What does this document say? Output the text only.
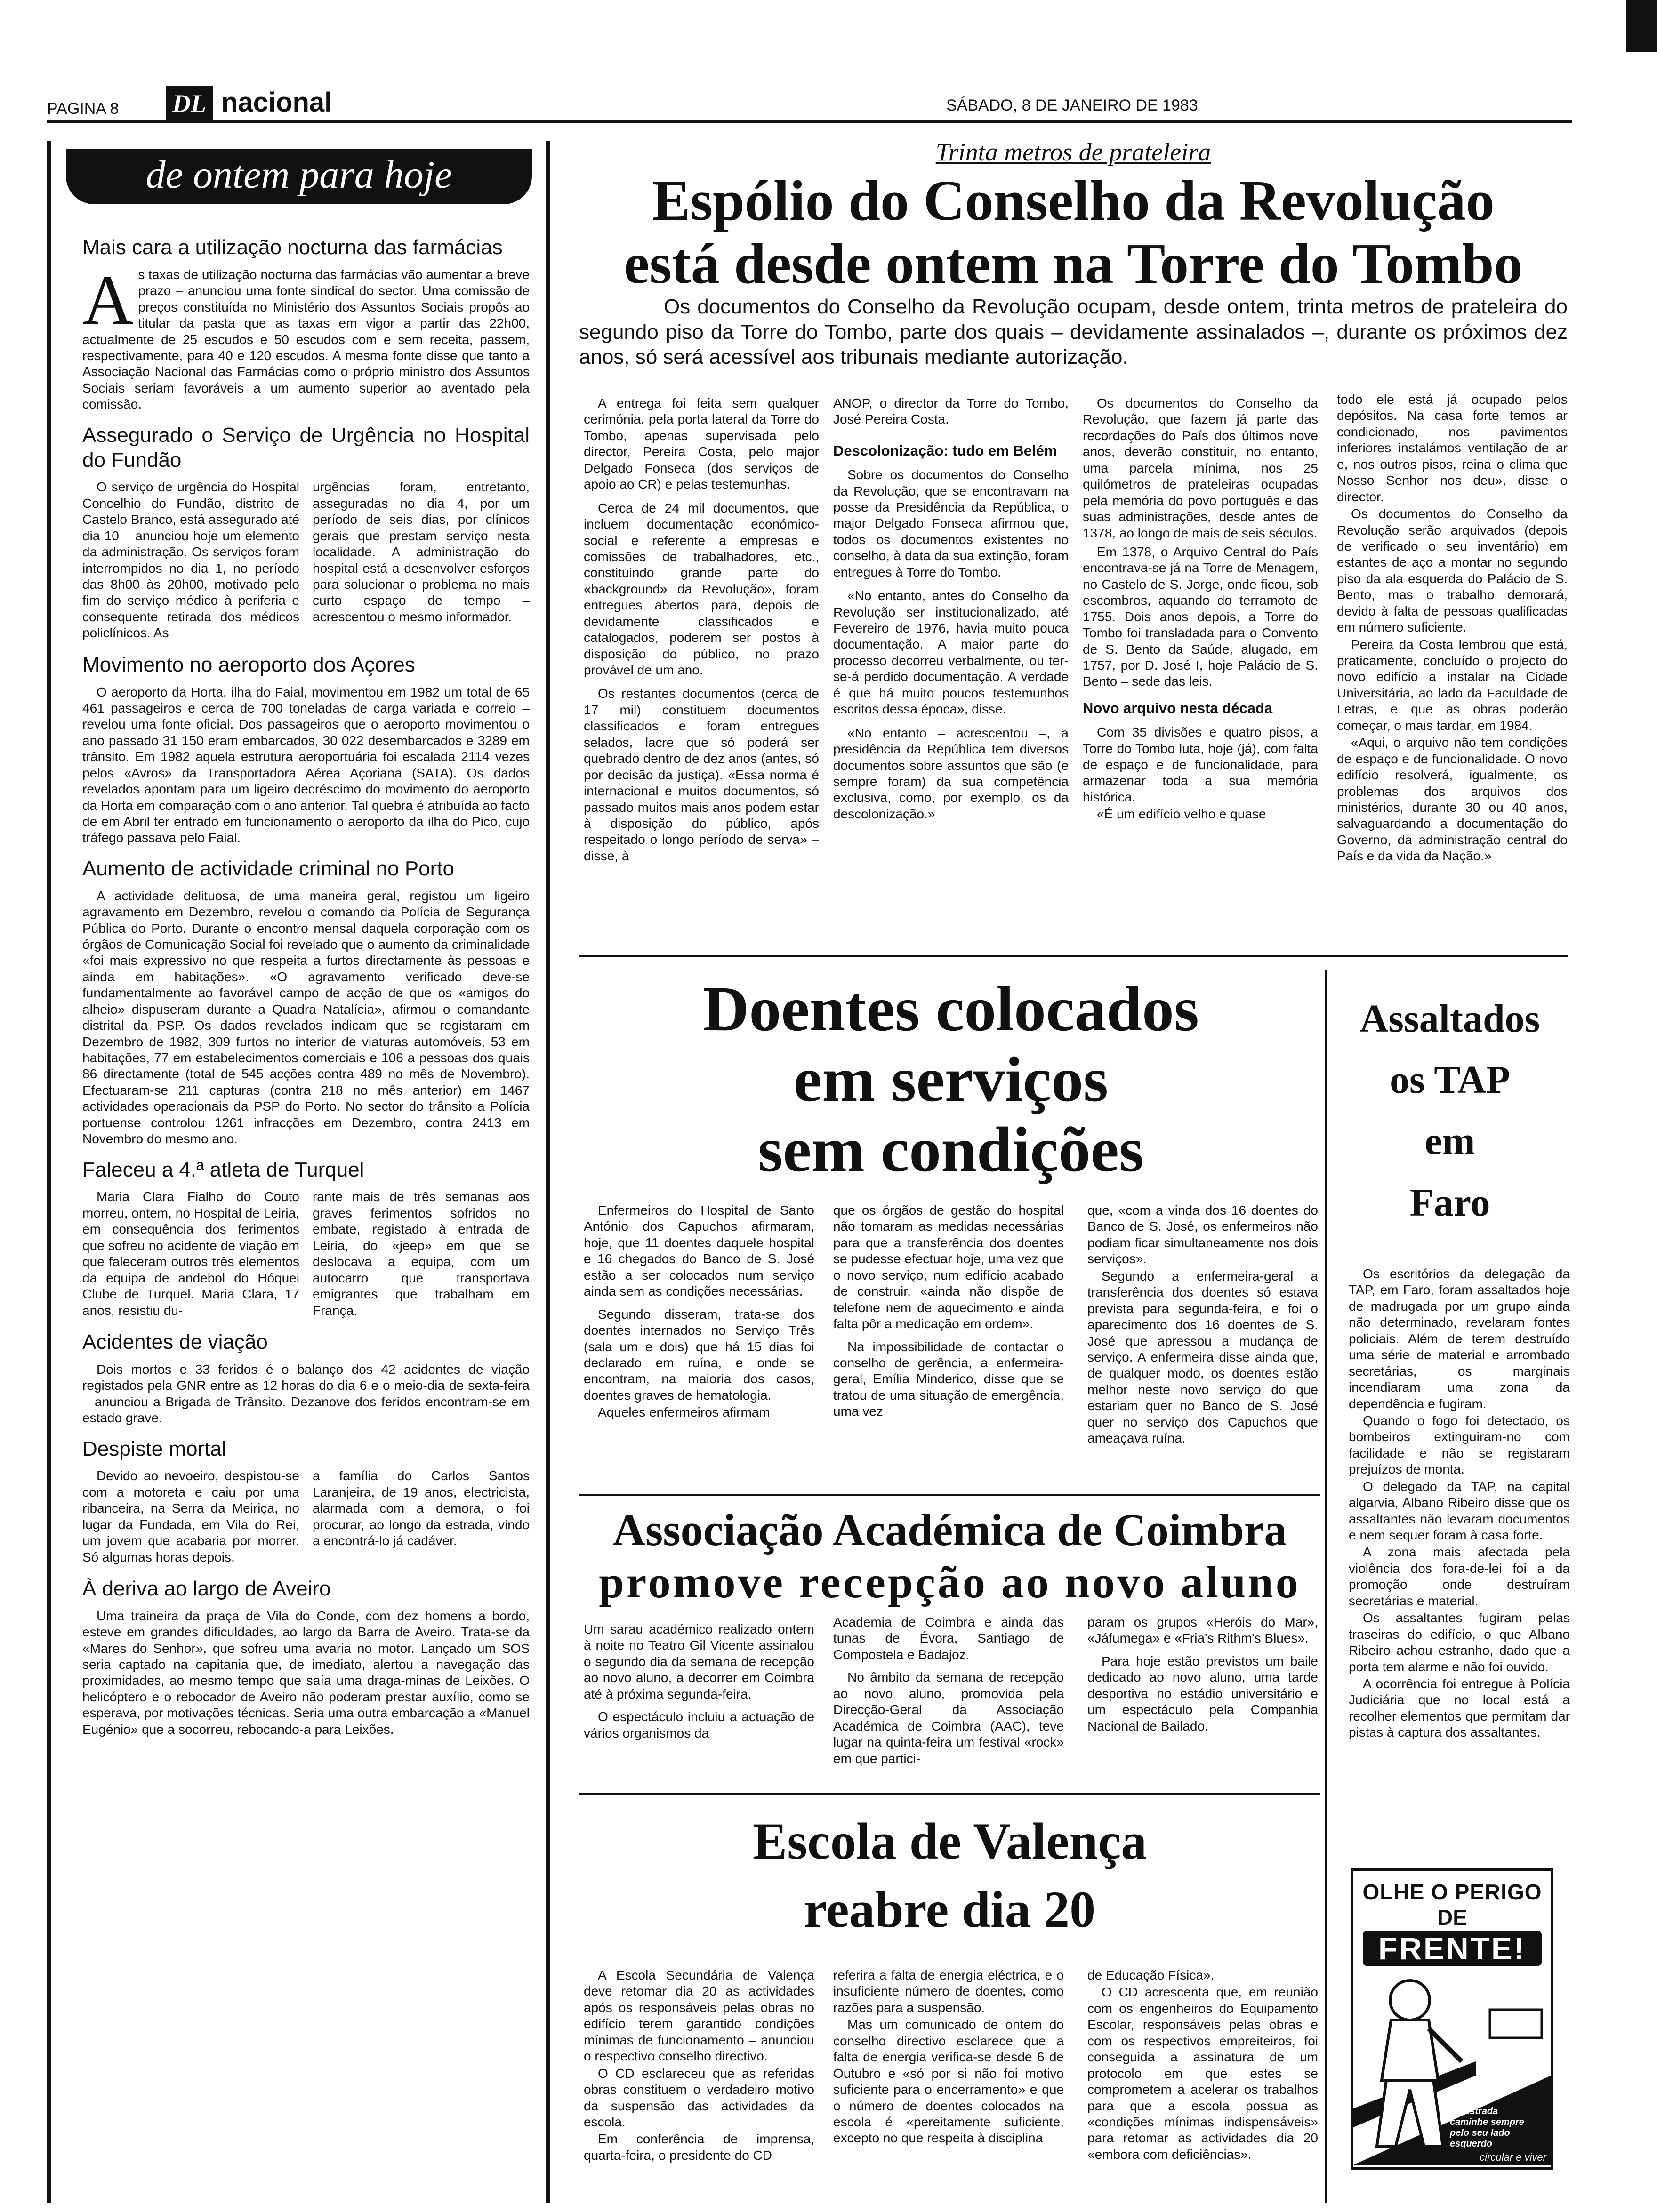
PAGINA 8 DL nacional	SÁBADO, 8 DE JANEIRO DE 1983
de ontem para hoje
Mais cara a utilização nocturna das farmácias
As taxas de utilização nocturna das farmácias vão aumentar a breve prazo – anunciou uma fonte sindical do sector. Uma comissão de preços constituída no Ministério dos Assuntos Sociais propôs ao titular da pasta que as taxas em vigor a partir das 22h00, actualmente de 25 escudos e 50 escudos com e sem receita, passem, respectivamente, para 40 e 120 escudos. A mesma fonte disse que tanto a Associação Nacional das Farmácias como o próprio ministro dos Assuntos Sociais seriam favoráveis a um aumento superior ao aventado pela comissão.
Assegurado o Serviço de Urgência no Hospital do Fundão

O serviço de urgência do Hospital Concelhio do Fundão, distrito de Castelo Branco, está assegurado até dia 10 – anunciou hoje um elemento da administração. Os serviços foram interrompidos no dia 1, no período das 8h00 às 20h00, motivado pelo fim do serviço médico à periferia e consequente retirada dos médicos policlínicos. As

urgências foram, entretanto, asseguradas no dia 4, por um período de seis dias, por clínicos gerais que prestam serviço nesta localidade. A administração do hospital está a desenvolver esforços para solucionar o problema no mais curto espaço de tempo – acrescentou o mesmo informador.

Movimento no aeroporto dos Açores

O aeroporto da Horta, ilha do Faial, movimentou em 1982 um total de 65 461 passageiros e cerca de 700 toneladas de carga variada e correio – revelou uma fonte oficial. Dos passageiros que o aeroporto movimentou o ano passado 31 150 eram embarcados, 30 022 desembarcados e 3289 em trânsito. Em 1982 aquela estrutura aeroportuária foi escalada 2114 vezes pelos «Avros» da Transportadora Aérea Açoriana (SATA). Os dados revelados apontam para um ligeiro decréscimo do movimento do aeroporto da Horta em comparação com o ano anterior. Tal quebra é atribuída ao facto de em Abril ter entrado em funcionamento o aeroporto da ilha do Pico, cujo tráfego passava pelo Faial.

Aumento de actividade criminal no Porto

A actividade delituosa, de uma maneira geral, registou um ligeiro agravamento em Dezembro, revelou o comando da Polícia de Segurança Pública do Porto. Durante o encontro mensal daquela corporação com os órgãos de Comunicação Social foi revelado que o aumento da criminalidade «foi mais expressivo no que respeita a furtos directamente às pessoas e ainda em habitações». «O agravamento verificado deve-se fundamentalmente ao favorável campo de acção de que os «amigos do alheio» dispuseram durante a Quadra Natalícia», afirmou o comandante distrital da PSP. Os dados revelados indicam que se registaram em Dezembro de 1982, 309 furtos no interior de viaturas automóveis, 53 em habitações, 77 em estabelecimentos comerciais e 106 a pessoas dos quais 86 directamente (total de 545 acções contra 489 no mês de Novembro). Efectuaram-se 211 capturas (contra 218 no mês anterior) em 1467 actividades operacionais da PSP do Porto. No sector do trânsito a Polícia portuense controlou 1261 infracções em Dezembro, contra 2413 em Novembro do mesmo ano.

Faleceu a 4.ª atleta de Turquel

Maria Clara Fialho do Couto morreu, ontem, no Hospital de Leiria, em consequência dos ferimentos que sofreu no acidente de viação em que faleceram outros três elementos da equipa de andebol do Hóquei Clube de Turquel. Maria Clara, 17 anos, resistiu du-

rante mais de três semanas aos graves ferimentos sofridos no embate, registado à entrada de Leiria, do «jeep» em que se deslocava a equipa, com um autocarro que transportava emigrantes que trabalham em França.

Acidentes de viação

Dois mortos e 33 feridos é o balanço dos 42 acidentes de viação registados pela GNR entre as 12 horas do dia 6 e o meio-dia de sexta-feira – anunciou a Brigada de Trânsito. Dezanove dos feridos encontram-se em estado grave.

Despiste mortal

Devido ao nevoeiro, despistou-se com a motoreta e caiu por uma ribanceira, na Serra da Meiriça, no lugar da Fundada, em Vila do Rei, um jovem que acabaria por morrer. Só algumas horas depois,

a família do Carlos Santos Laranjeira, de 19 anos, electricista, alarmada com a demora, o foi procurar, ao longo da estrada, vindo a encontrá-lo já cadáver.

À deriva ao largo de Aveiro

Uma traineira da praça de Vila do Conde, com dez homens a bordo, esteve em grandes dificuldades, ao largo da Barra de Aveiro. Trata-se da «Mares do Senhor», que sofreu uma avaria no motor. Lançado um SOS seria captado na capitania que, de imediato, alertou a navegação das proximidades, ao mesmo tempo que saía uma draga-minas de Leixões. O helicóptero e o rebocador de Aveiro não poderam prestar auxílio, como se esperava, por motivações técnicas. Seria uma outra embarcação a «Manuel Eugénio» que a socorreu, rebocando-a para Leixões.

Trinta metros de prateleira
Espólio do Conselho da Revolução
está desde ontem na Torre do Tombo
Os documentos do Conselho da Revolução ocupam, desde ontem, trinta metros de prateleira do segundo piso da Torre do Tombo, parte dos quais – devidamente assinalados –, durante os próximos dez anos, só será acessível aos tribunais mediante autorização.

A entrega foi feita sem qualquer cerimónia, pela porta lateral da Torre do Tombo, apenas supervisada pelo director, Pereira Costa, pelo major Delgado Fonseca (dos serviços de apoio ao CR) e pelas testemunhas.

Cerca de 24 mil documentos, que incluem documentação económico-social e referente a empresas e comissões de trabalhadores, etc., constituindo grande parte do «background» da Revolução», foram entregues abertos para, depois de devidamente classificados e catalogados, poderem ser postos à disposição do público, no prazo provável de um ano.

Os restantes documentos (cerca de 17 mil) constituem documentos classificados e foram entregues selados, lacre que só poderá ser quebrado dentro de dez anos (antes, só por decisão da justiça). «Essa norma é internacional e muitos documentos, só passado muitos mais anos podem estar à disposição do público, após respeitado o longo período de serva» – disse, à

ANOP, o director da Torre do Tombo, José Pereira Costa.

Descolonização: tudo em Belém

Sobre os documentos do Conselho da Revolução, que se encontravam na posse da Presidência da República, o major Delgado Fonseca afirmou que, todos os documentos existentes no conselho, à data da sua extinção, foram entregues à Torre do Tombo.

«No entanto, antes do Conselho da Revolução ser institucionalizado, até Fevereiro de 1976, havia muito pouca documentação. A maior parte do processo decorreu verbalmente, ou ter-se-á perdido documentação. A verdade é que há muito poucos testemunhos escritos dessa época», disse.

«No entanto – acrescentou –, a presidência da República tem diversos documentos sobre assuntos que são (e sempre foram) da sua competência exclusiva, como, por exemplo, os da descolonização.»

Os documentos do Conselho da Revolução, que fazem já parte das recordações do País dos últimos nove anos, deverão constituir, no entanto, uma parcela mínima, nos 25 quilómetros de prateleiras ocupadas pela memória do povo português e das suas administrações, desde antes de 1378, ao longo de mais de seis séculos.

Em 1378, o Arquivo Central do País encontrava-se já na Torre de Menagem, no Castelo de S. Jorge, onde ficou, sob escombros, aquando do terramoto de 1755. Dois anos depois, a Torre do Tombo foi transladada para o Convento de S. Bento da Saúde, alugado, em 1757, por D. José I, hoje Palácio de S. Bento – sede das leis.

Novo arquivo nesta década

Com 35 divisões e quatro pisos, a Torre do Tombo luta, hoje (já), com falta de espaço e de funcionalidade, para armazenar toda a sua memória histórica.

«É um edifício velho e quase

todo ele está já ocupado pelos depósitos. Na casa forte temos ar condicionado, nos pavimentos inferiores instalámos ventilação de ar e, nos outros pisos, reina o clima que Nosso Senhor nos deu», disse o director.

Os documentos do Conselho da Revolução serão arquivados (depois de verificado o seu inventário) em estantes de aço a montar no segundo piso da ala esquerda do Palácio de S. Bento, mas o trabalho demorará, devido à falta de pessoas qualificadas em número suficiente.

Pereira da Costa lembrou que está, praticamente, concluído o projecto do novo edifício a instalar na Cidade Universitária, ao lado da Faculdade de Letras, e que as obras poderão começar, o mais tardar, em 1984.

«Aqui, o arquivo não tem condições de espaço e de funcionalidade. O novo edifício resolverá, igualmente, os problemas dos arquivos dos ministérios, durante 30 ou 40 anos, salvaguardando a documentação do Governo, da administração central do País e da vida da Nação.»

Doentes colocados
em serviços
sem condições

Enfermeiros do Hospital de Santo António dos Capuchos afirmaram, hoje, que 11 doentes daquele hospital e 16 chegados do Banco de S. José estão a ser colocados num serviço ainda sem as condições necessárias.

Segundo disseram, trata-se dos doentes internados no Serviço Três (sala um e dois) que há 15 dias foi declarado em ruína, e onde se encontram, na maioria dos casos, doentes graves de hematologia.

Aqueles enfermeiros afirmam

que os órgãos de gestão do hospital não tomaram as medidas necessárias para que a transferência dos doentes se pudesse efectuar hoje, uma vez que o novo serviço, num edifício acabado de construir, «ainda não dispõe de telefone nem de aquecimento e ainda falta pôr a medicação em ordem».

Na impossibilidade de contactar o conselho de gerência, a enfermeira-geral, Emília Minderico, disse que se tratou de uma situação de emergência, uma vez

que, «com a vinda dos 16 doentes do Banco de S. José, os enfermeiros não podiam ficar simultaneamente nos dois serviços».

Segundo a enfermeira-geral a transferência dos doentes só estava prevista para segunda-feira, e foi o aparecimento dos 16 doentes de S. José que apressou a mudança de serviço. A enfermeira disse ainda que, de qualquer modo, os doentes estão melhor neste novo serviço do que estariam quer no Banco de S. José quer no serviço dos Capuchos que ameaçava ruína.

Assaltados
os TAP
em
Faro

Os escritórios da delegação da TAP, em Faro, foram assaltados hoje de madrugada por um grupo ainda não determinado, revelaram fontes policiais. Além de terem destruído uma série de material e arrombado secretárias, os marginais incendiaram uma zona da dependência e fugiram.

Quando o fogo foi detectado, os bombeiros extinguiram-no com facilidade e não se registaram prejuízos de monta.

O delegado da TAP, na capital algarvia, Albano Ribeiro disse que os assaltantes não levaram documentos e nem sequer foram à casa forte.

A zona mais afectada pela violência dos fora-de-lei foi a da promoção onde destruíram secretárias e material.

Os assaltantes fugiram pelas traseiras do edifício, o que Albano Ribeiro achou estranho, dado que a porta tem alarme e não foi ouvido.

A ocorrência foi entregue à Polícia Judiciária que no local está a recolher elementos que permitam dar pistas à captura dos assaltantes.

Associação Académica de Coimbra
promove recepção ao novo aluno

Um sarau académico realizado ontem à noite no Teatro Gil Vicente assinalou o segundo dia da semana de recepção ao novo aluno, a decorrer em Coimbra até à próxima segunda-feira.

O espectáculo incluiu a actuação de vários organismos da

Academia de Coimbra e ainda das tunas de Évora, Santiago de Compostela e Badajoz.

No âmbito da semana de recepção ao novo aluno, promovida pela Direcção-Geral da Associação Académica de Coimbra (AAC), teve lugar na quinta-feira um festival «rock» em que partici-

param os grupos «Heróis do Mar», «Jáfumega» e «Fria's Rithm's Blues».

Para hoje estão previstos um baile dedicado ao novo aluno, uma tarde desportiva no estádio universitário e um espectáculo pela Companhia Nacional de Bailado.

Escola de Valença
reabre dia 20

A Escola Secundária de Valença deve retomar dia 20 as actividades após os responsáveis pelas obras no edifício terem garantido condições mínimas de funcionamento – anunciou o respectivo conselho directivo.

O CD esclareceu que as referidas obras constituem o verdadeiro motivo da suspensão das actividades da escola.

Em conferência de imprensa, quarta-feira, o presidente do CD

referira a falta de energia eléctrica, e o insuficiente número de doentes, como razões para a suspensão.

Mas um comunicado de ontem do conselho directivo esclarece que a falta de energia verifica-se desde 6 de Outubro e «só por si não foi motivo suficiente para o encerramento» e que o número de doentes colocados na escola é «pereitamente suficiente, excepto no que respeita à disciplina

de Educação Física».

O CD acrescenta que, em reunião com os engenheiros do Equipamento Escolar, responsáveis pelas obras e com os respectivos empreiteiros, foi conseguida a assinatura de um protocolo em que estes se comprometem a acelerar os trabalhos para que a escola possua as «condições mínimas indispensáveis» para retomar as actividades dia 20 «embora com deficiências».

OLHE O PERIGO
DE
FRENTE!
Na estrada
caminhe sempre
pelo seu lado
esquerdo
circular e viver
